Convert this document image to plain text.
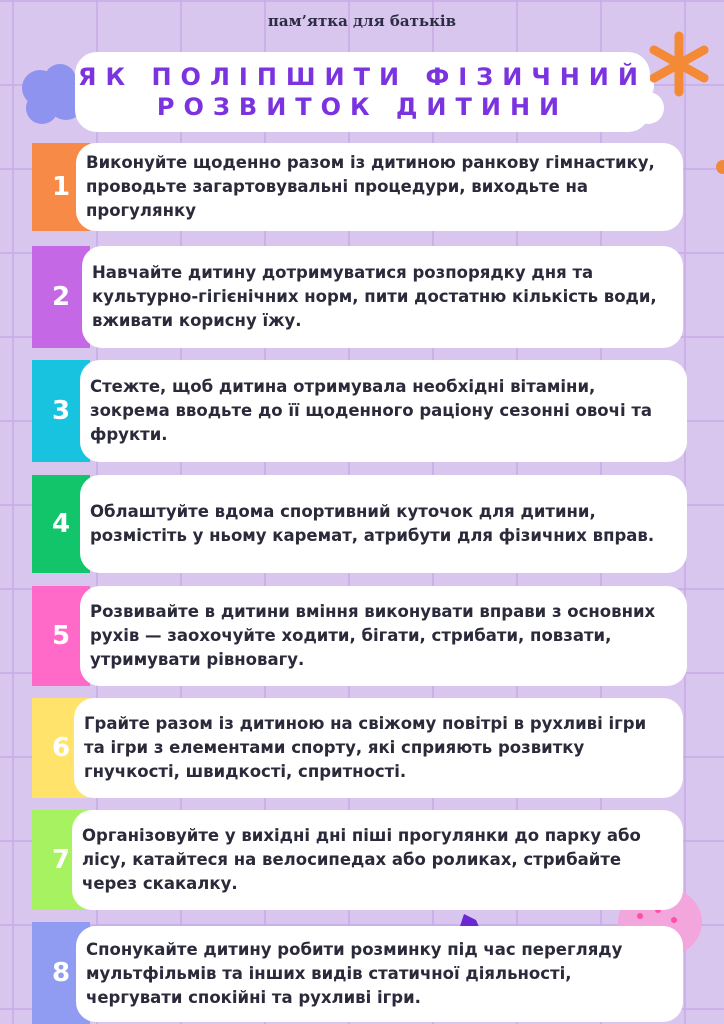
пам’ятка для батьків
ЯК ПОЛІПШИТИ ФІЗИЧНИЙ
РОЗВИТОК ДИТИНИ
1
Виконуйте щоденно разом із дитиною ранкову гімнастику, проводьте загартовувальні процедури, виходьте на прогулянку
2
Навчайте дитину дотримуватися розпорядку дня та культурно-гігієнічних норм, пити достатню кількість води, вживати корисну їжу.
3
Стежте, щоб дитина отримувала необхідні вітаміни, зокрема вводьте до її щоденного раціону сезонні овочі та фрукти.
4	Облаштуйте вдома спортивний куточок для дитини, розмістіть у ньому каремат, атрибути для фізичних вправ.
5
Розвивайте в дитини вміння виконувати вправи з основних рухів — заохочуйте ходити, бігати, стрибати, повзати, утримувати рівновагу.
6
Грайте разом із дитиною на свіжому повітрі в рухливі ігри та ігри з елементами спорту, які сприяють розвитку гнучкості, швидкості, спритності.
7
Організовуйте у вихідні дні піші прогулянки до парку або лісу, катайтеся на велосипедах або роликах, стрибайте через скакалку.
8
Спонукайте дитину робити розминку під час перегляду мультфільмів та інших видів статичної діяльності, чергувати спокійні та рухливі ігри.
